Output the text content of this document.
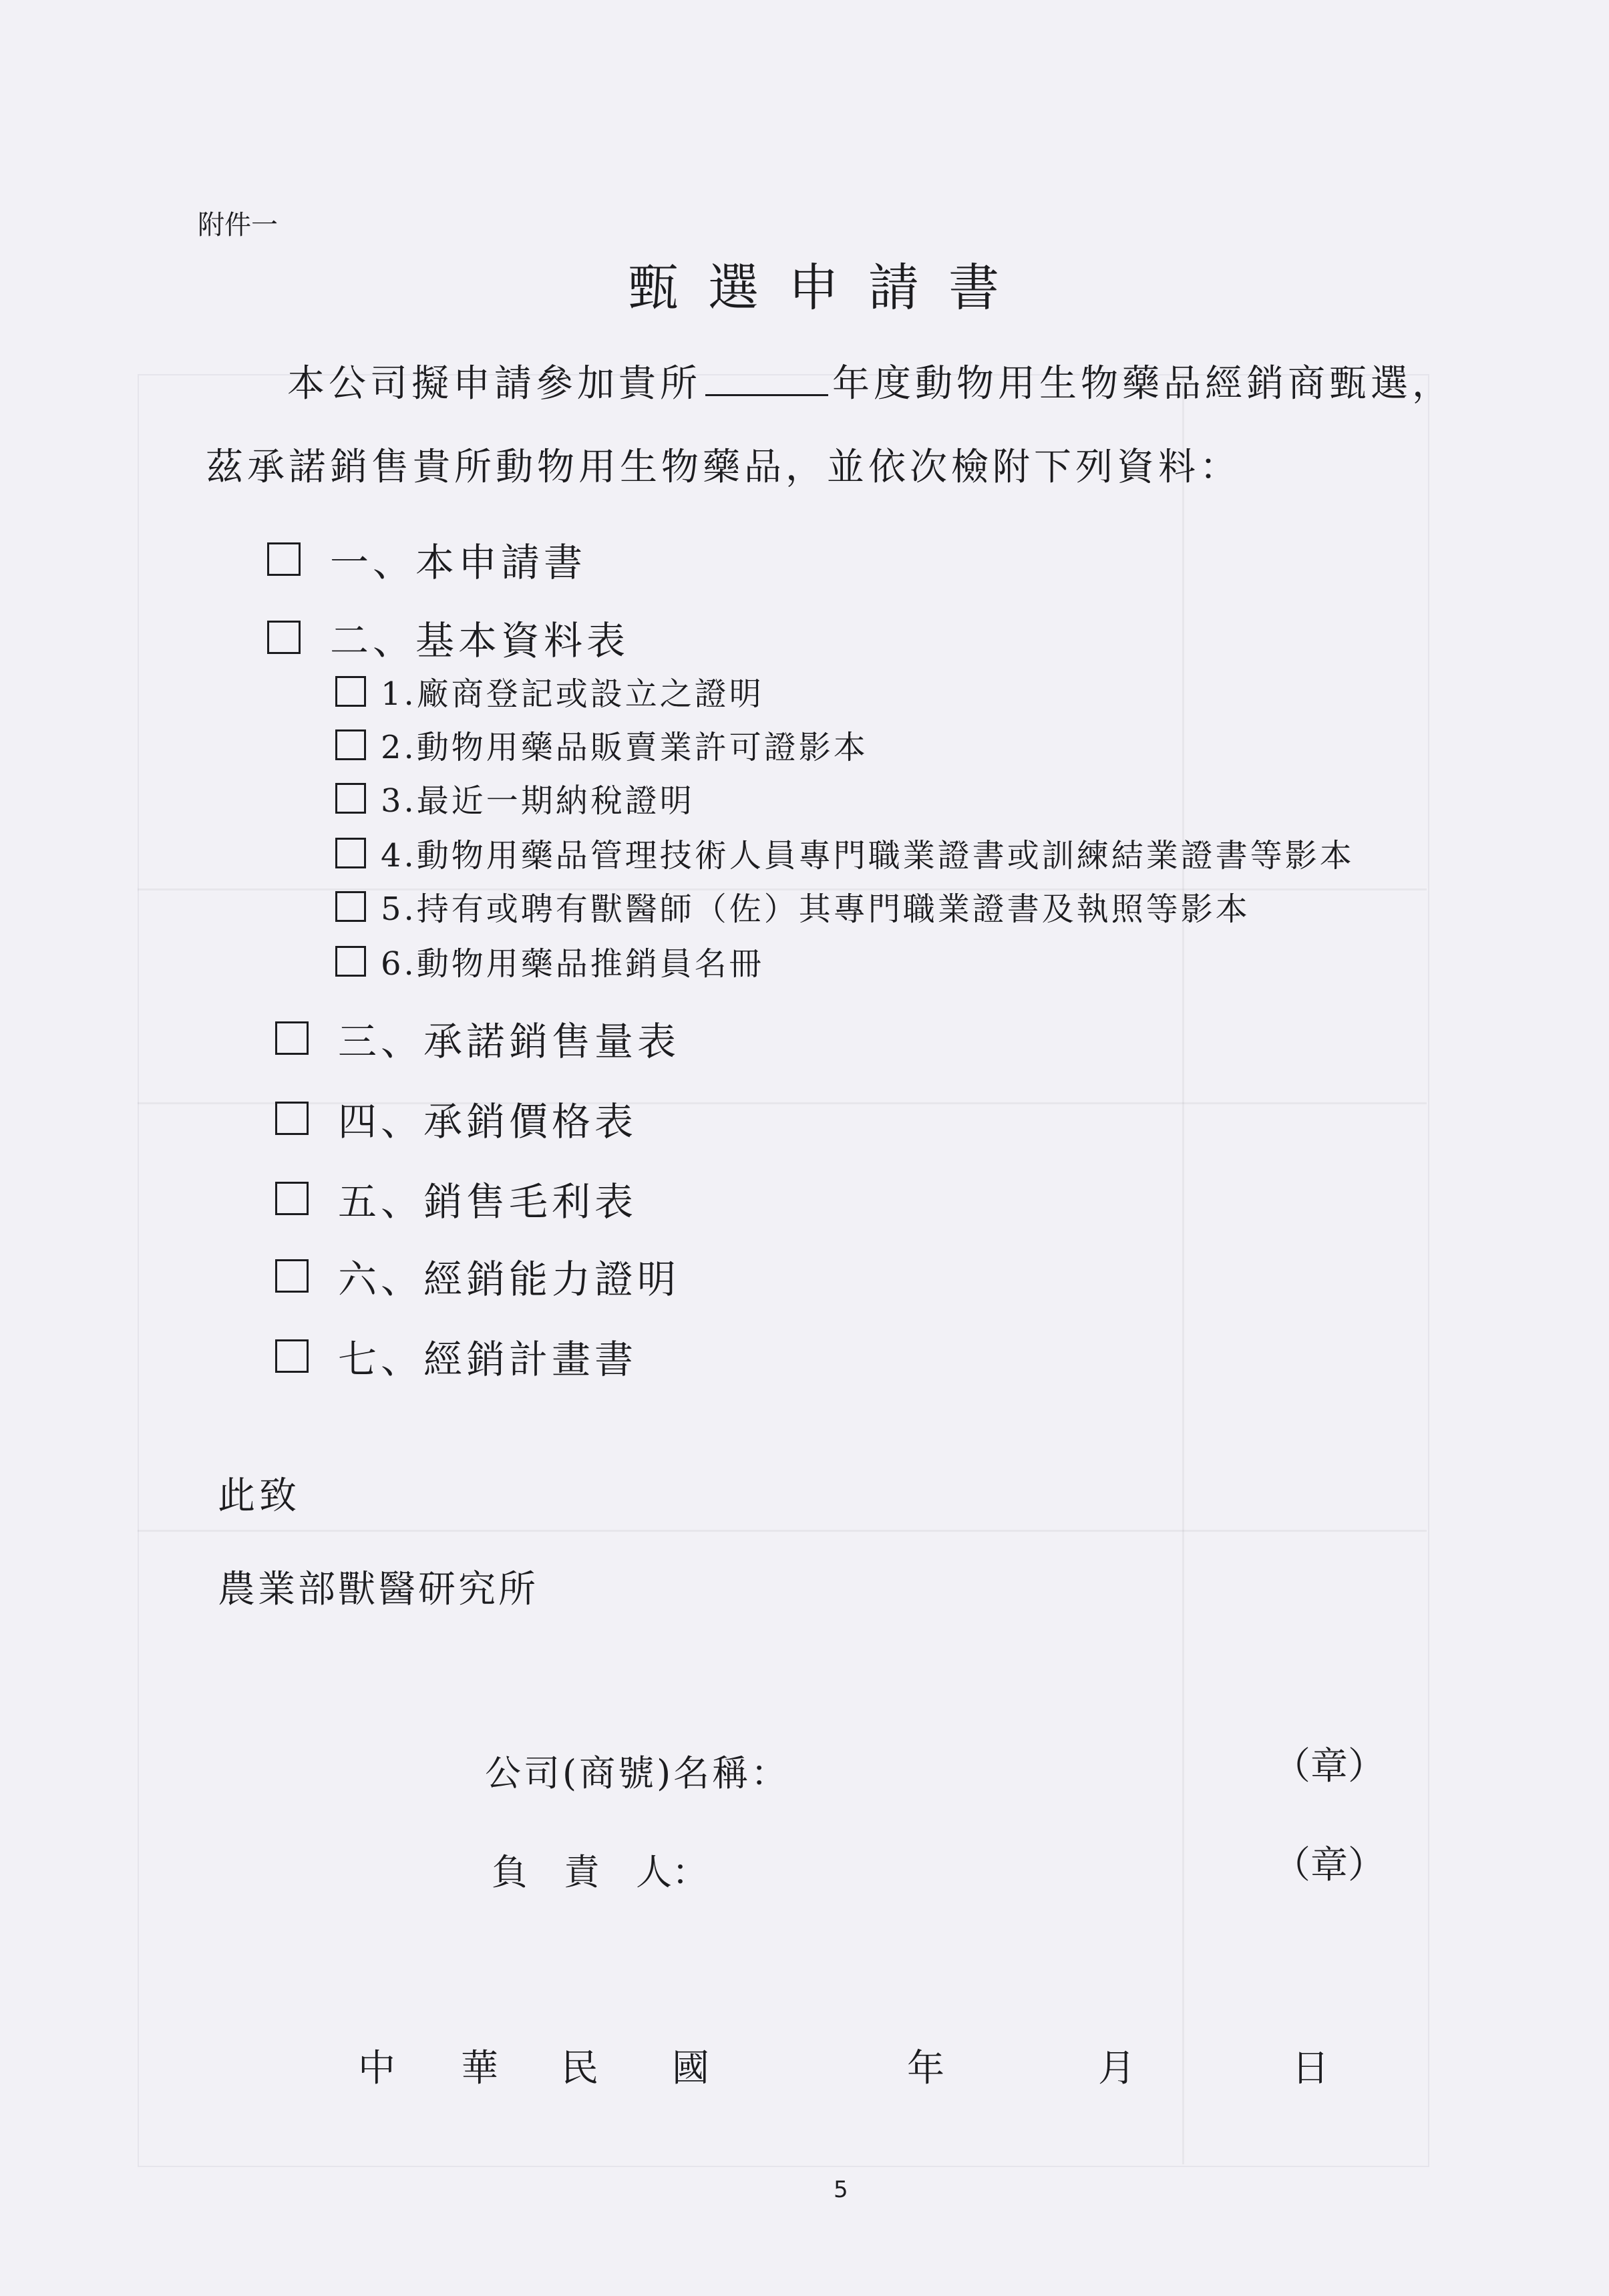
附件一
甄選申請書
本公司擬申請參加貴所	年度動物用生物藥品經銷商甄選，
茲承諾銷售貴所動物用生物藥品，並依次檢附下列資料：
一、本申請書
二、基本資料表
1.廠商登記或設立之證明
2.動物用藥品販賣業許可證影本
3.最近一期納稅證明
4.動物用藥品管理技術人員專門職業證書或訓練結業證書等影本
5.持有或聘有獸醫師（佐）其專門職業證書及執照等影本
6.動物用藥品推銷員名冊
三、承諾銷售量表
四、承銷價格表
五、銷售毛利表
六、經銷能力證明
七、經銷計畫書
此致
農業部獸醫研究所
公司(商號)名稱：	（章）
負　責　人：	（章）
中 華 民 國	年	月	日
5
